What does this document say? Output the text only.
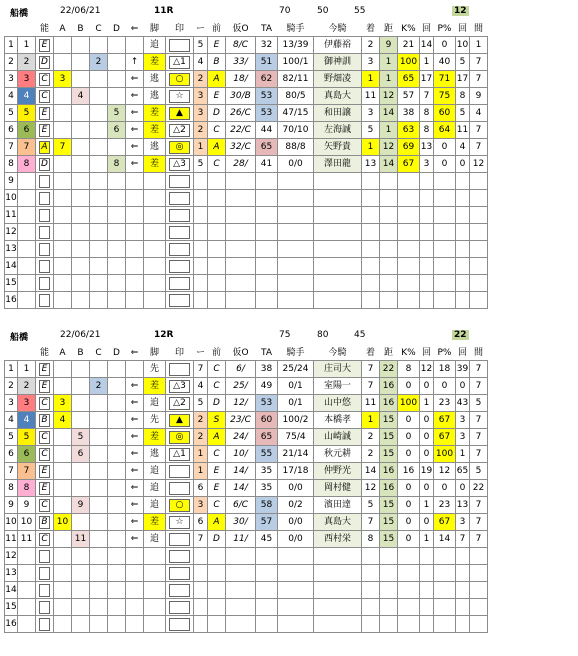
船橋	22/06/21	11R	70	50	55	12
		能	A	B	C	D	⇐	脚	印	ー	前	仮O	TA	騎手	今騎	着	距	K%	回	P%	回	間
1	1	E						追		5	E	8/C	32	13/39	伊藤裕	2	9	21	14	0	10	1
2	2	D			2		↑	差	△1	4	B	33/	51	100/1	御神訓	3	1	100	1	40	5	7
3	3	C	3				⇐	逃	○	2	A	18/	62	82/11	野畑凌	1	1	65	17	71	17	7
4	4	C		4			⇐	逃	☆	3	E	30/B	53	80/5	真島大	11	12	57	7	75	8	9
5	5	E				5	⇐	差	▲	3	D	26/C	53	47/15	和田譲	3	14	38	8	60	5	4
6	6	E				6	⇐	差	△2	2	C	22/C	44	70/10	左海誠	5	1	63	8	64	11	7
7	7	A	7				⇐	逃	◎	1	A	32/C	65	88/8	矢野貴	1	12	69	13	0	4	7
8	8	D				8	⇐	差	△3	5	C	28/	41	0/0	澤田龍	13	14	67	3	0	0	12
9		

10		

11		

12		

13		

14		

15		

16		

船橋	22/06/21	12R	75	80	45	22
		能	A	B	C	D	⇐	脚	印	ー	前	仮O	TA	騎手	今騎	着	距	K%	回	P%	回	間
1	1	E						先		7	C	6/	38	25/24	庄司大	7	22	8	12	18	39	7
2	2	E			2		⇐	差	△3	4	C	25/	49	0/1	室陽一	7	16	0	0	0	0	7
3	3	C	3				⇐	追	△2	5	D	12/	53	0/1	山中悠	11	16	100	1	23	43	5
4	4	B	4				⇐	先	▲	2	S	23/C	60	100/2	本橋孝	1	15	0	0	67	3	7
5	5	C		5			⇐	差	◎	2	A	24/	65	75/4	山崎誠	2	15	0	0	67	3	7
6	6	C		6			⇐	逃	△1	1	C	10/	55	21/14	秋元耕	2	15	0	0	100	1	7
7	7	E					⇐	追		1	E	14/	35	17/18	仲野光	14	16	16	19	12	65	5
8	8	E					⇐	追		6	E	14/	35	0/0	岡村健	12	16	0	0	0	0	22
9	9	C		9			⇐	追	○	3	C	6/C	58	0/2	濱田達	5	15	0	1	23	13	7
10	10	B	10				⇐	差	☆	6	A	30/	57	0/0	真島大	7	15	0	0	67	3	7
11	11	C		11			⇐	追		7	D	11/	45	0/0	西村栄	8	15	0	1	14	7	7
12		

13		

14		

15		

16		
